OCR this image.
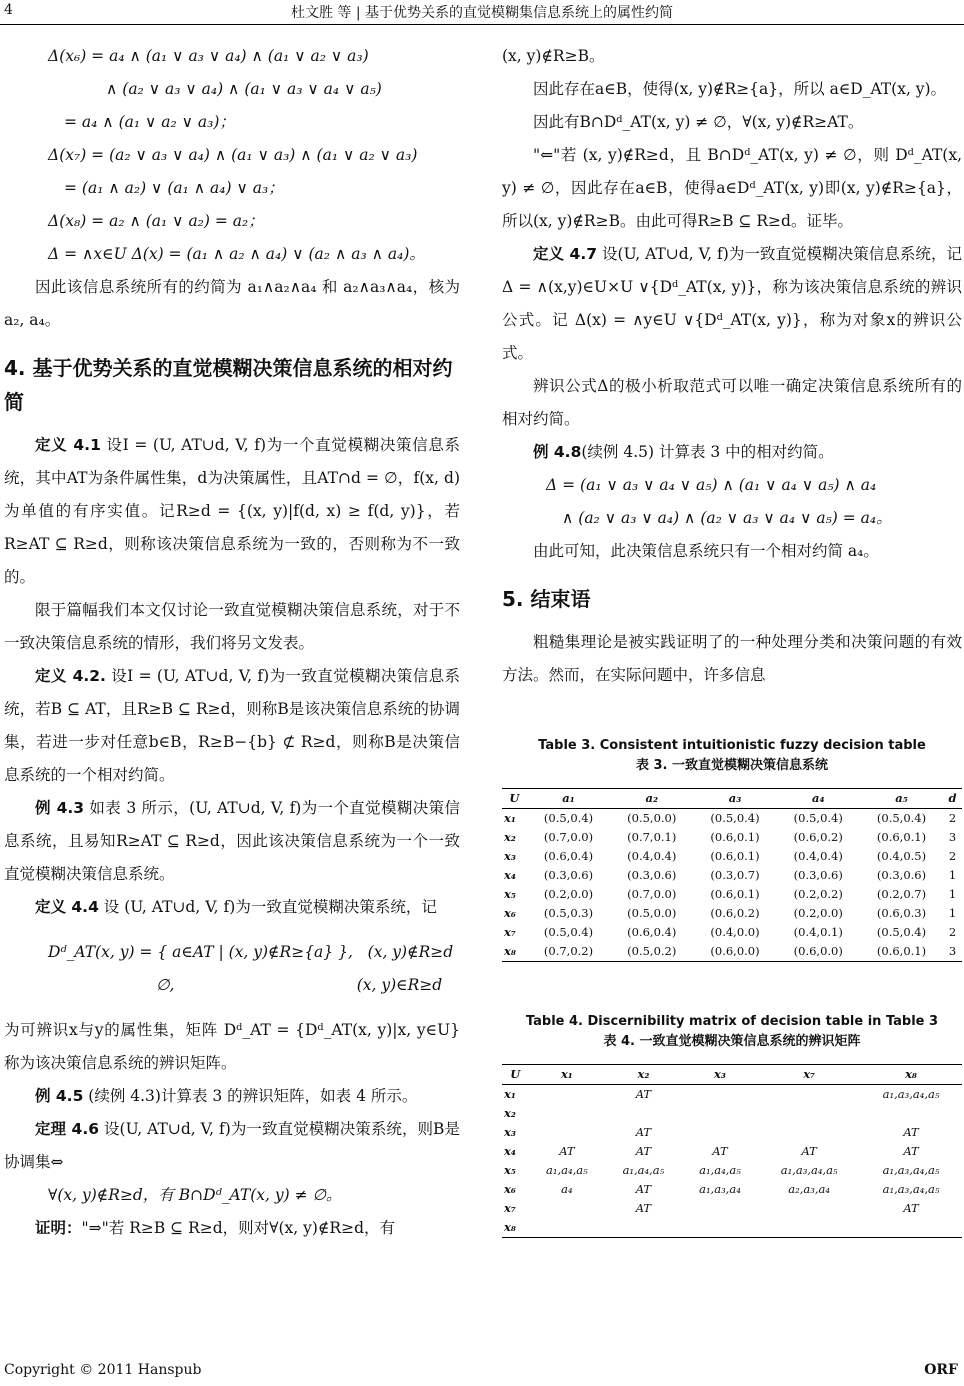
4	杜文胜 等 | 基于优势关系的直觉模糊集信息系统上的属性约简

Δ(x₆) = a₄ ∧ (a₁ ∨ a₃ ∨ a₄) ∧ (a₁ ∨ a₂ ∨ a₃)

∧ (a₂ ∨ a₃ ∨ a₄) ∧ (a₁ ∨ a₃ ∨ a₄ ∨ a₅)

= a₄ ∧ (a₁ ∨ a₂ ∨ a₃)；

Δ(x₇) = (a₂ ∨ a₃ ∨ a₄) ∧ (a₁ ∨ a₃) ∧ (a₁ ∨ a₂ ∨ a₃)

= (a₁ ∧ a₂) ∨ (a₁ ∧ a₄) ∨ a₃；

Δ(x₈) = a₂ ∧ (a₁ ∨ a₂) = a₂；

Δ = ∧x∈U Δ(x) = (a₁ ∧ a₂ ∧ a₄) ∨ (a₂ ∧ a₃ ∧ a₄)。

因此该信息系统所有的约简为 a₁∧a₂∧a₄ 和 a₂∧a₃∧a₄，核为a₂, a₄。

4. 基于优势关系的直觉模糊决策信息系统的相对约简

定义 4.1 设I = (U, AT∪d, V, f)为一个直觉模糊决策信息系统，其中AT为条件属性集，d为决策属性，且AT∩d = ∅，f(x, d)为单值的有序实值。记R≥d = {(x, y)|f(d, x) ≥ f(d, y)}，若R≥AT ⊆ R≥d，则称该决策信息系统为一致的，否则称为不一致的。

限于篇幅我们本文仅讨论一致直觉模糊决策信息系统，对于不一致决策信息系统的情形，我们将另文发表。

定义 4.2. 设I = (U, AT∪d, V, f)为一致直觉模糊决策信息系统，若B ⊆ AT，且R≥B ⊆ R≥d，则称B是该决策信息系统的协调集，若进一步对任意b∈B，R≥B−{b} ⊄ R≥d，则称B是决策信息系统的一个相对约简。

例 4.3 如表 3 所示，(U, AT∪d, V, f)为一个直觉模糊决策信息系统，且易知R≥AT ⊆ R≥d，因此该决策信息系统为一个一致直觉模糊决策信息系统。

定义 4.4 设 (U, AT∪d, V, f)为一致直觉模糊决策系统，记

Dᵈ_AT(x, y) = { a∈AT | (x, y)∉R≥{a} },   (x, y)∉R≥d

∅,                                     (x, y)∈R≥d

为可辨识x与y的属性集，矩阵 Dᵈ_AT = {Dᵈ_AT(x, y)|x, y∈U} 称为该决策信息系统的辨识矩阵。

例 4.5 (续例 4.3)计算表 3 的辨识矩阵，如表 4 所示。

定理 4.6 设(U, AT∪d, V, f)为一致直觉模糊决策系统，则B是协调集⇔

∀(x, y)∉R≥d，有 B∩Dᵈ_AT(x, y) ≠ ∅。

证明："⇒"若 R≥B ⊆ R≥d，则对∀(x, y)∉R≥d，有

(x, y)∉R≥B。

因此存在a∈B，使得(x, y)∉R≥{a}，所以 a∈D_AT(x, y)。

因此有B∩Dᵈ_AT(x, y) ≠ ∅，∀(x, y)∉R≥AT。

"⇐"若 (x, y)∉R≥d，且 B∩Dᵈ_AT(x, y) ≠ ∅，则 Dᵈ_AT(x, y) ≠ ∅，因此存在a∈B，使得a∈Dᵈ_AT(x, y)即(x, y)∉R≥{a}，所以(x, y)∉R≥B。由此可得R≥B ⊆ R≥d。证毕。

定义 4.7 设(U, AT∪d, V, f)为一致直觉模糊决策信息系统，记Δ = ∧(x,y)∈U×U ∨{Dᵈ_AT(x, y)}，称为该决策信息系统的辨识公式。记 Δ(x) = ∧y∈U ∨{Dᵈ_AT(x, y)}，称为对象x的辨识公式。

辨识公式Δ的极小析取范式可以唯一确定决策信息系统所有的相对约简。

例 4.8(续例 4.5) 计算表 3 中的相对约简。

Δ = (a₁ ∨ a₃ ∨ a₄ ∨ a₅) ∧ (a₁ ∨ a₄ ∨ a₅) ∧ a₄

∧ (a₂ ∨ a₃ ∨ a₄) ∧ (a₂ ∨ a₃ ∨ a₄ ∨ a₅) = a₄。

由此可知，此决策信息系统只有一个相对约简 a₄。

5. 结束语

粗糙集理论是被实践证明了的一种处理分类和决策问题的有效方法。然而，在实际问题中，许多信息

Table 3. Consistent intuitionistic fuzzy decision table

表 3. 一致直觉模糊决策信息系统

U	a₁	a₂	a₃	a₄	a₅	d
x₁	(0.5,0.4)	(0.5,0.0)	(0.5,0.4)	(0.5,0.4)	(0.5,0.4)	2
x₂	(0.7,0.0)	(0.7,0.1)	(0.6,0.1)	(0.6,0.2)	(0.6,0.1)	3
x₃	(0.6,0.4)	(0.4,0.4)	(0.6,0.1)	(0.4,0.4)	(0.4,0.5)	2
x₄	(0.3,0.6)	(0.3,0.6)	(0.3,0.7)	(0.3,0.6)	(0.3,0.6)	1
x₅	(0.2,0.0)	(0.7,0.0)	(0.6,0.1)	(0.2,0.2)	(0.2,0.7)	1
x₆	(0.5,0.3)	(0.5,0.0)	(0.6,0.2)	(0.2,0.0)	(0.6,0.3)	1
x₇	(0.5,0.4)	(0.6,0.4)	(0.4,0.0)	(0.4,0.1)	(0.5,0.4)	2
x₈	(0.7,0.2)	(0.5,0.2)	(0.6,0.0)	(0.6,0.0)	(0.6,0.1)	3

Table 4. Discernibility matrix of decision table in Table 3

表 4. 一致直觉模糊决策信息系统的辨识矩阵

U	x₁	x₂	x₃	x₇	x₈
x₁		AT			a₁,a₃,a₄,a₅
x₂					
x₃		AT			AT
x₄	AT	AT	AT	AT	AT
x₅	a₁,a₄,a₅	a₁,a₄,a₅	a₁,a₄,a₅	a₁,a₃,a₄,a₅	a₁,a₃,a₄,a₅
x₆	a₄	AT	a₁,a₃,a₄	a₂,a₃,a₄	a₁,a₃,a₄,a₅
x₇		AT			AT
x₈					
Copyright © 2011 Hanspub	ORF
